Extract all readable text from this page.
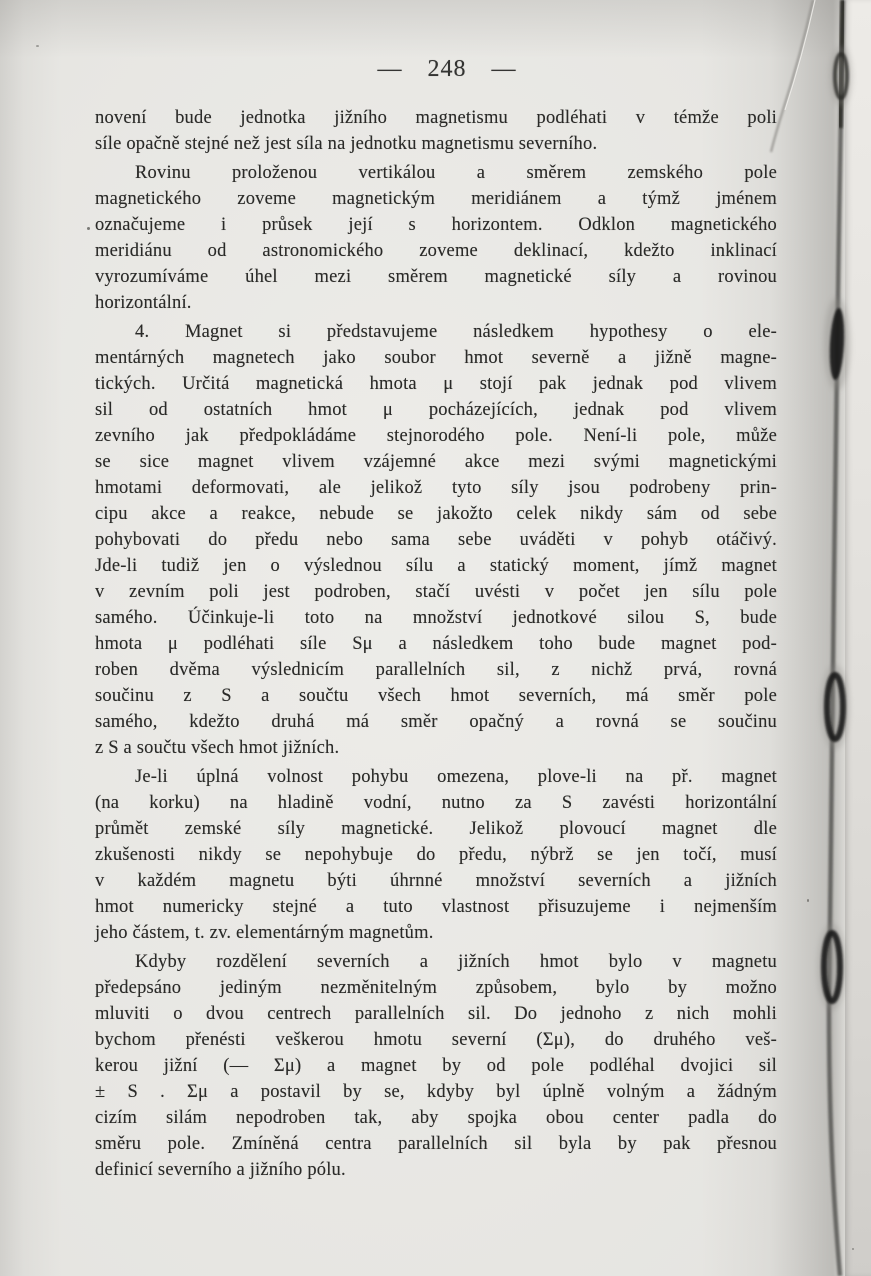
— 248 —
novení bude jednotka jižního magnetismu podléhati v témže poli
síle opačně stejné než jest síla na jednotku magnetismu severního.
Rovinu proloženou vertikálou a směrem zemského pole
magnetického zoveme magnetickým meridiánem a týmž jménem
označujeme i průsek její s horizontem. Odklon magnetického
meridiánu od astronomického zoveme deklinací, kdežto inklinací
vyrozumíváme úhel mezi směrem magnetické síly a rovinou
horizontální.
4. Magnet si představujeme následkem hypothesy o ele-
mentárných magnetech jako soubor hmot severně a jižně magne-
tických. Určitá magnetická hmota μ stojí pak jednak pod vlivem
sil od ostatních hmot μ pocházejících, jednak pod vlivem
zevního jak předpokládáme stejnorodého pole. Není-li pole, může
se sice magnet vlivem vzájemné akce mezi svými magnetickými
hmotami deformovati, ale jelikož tyto síly jsou podrobeny prin-
cipu akce a reakce, nebude se jakožto celek nikdy sám od sebe
pohybovati do předu nebo sama sebe uváděti v pohyb otáčivý.
Jde-li tudiž jen o výslednou sílu a statický moment, jímž magnet
v zevním poli jest podroben, stačí uvésti v počet jen sílu pole
samého. Účinkuje-li toto na množství jednotkové silou S, bude
hmota μ podléhati síle Sμ a následkem toho bude magnet pod-
roben dvěma výslednicím parallelních sil, z nichž prvá, rovná
součinu z S a součtu všech hmot severních, má směr pole
samého, kdežto druhá má směr opačný a rovná se součinu
z S a součtu všech hmot jižních.
Je-li úplná volnost pohybu omezena, plove-li na př. magnet
(na korku) na hladině vodní, nutno za S zavésti horizontální
průmět zemské síly magnetické. Jelikož plovoucí magnet dle
zkušenosti nikdy se nepohybuje do předu, nýbrž se jen točí, musí
v každém magnetu býti úhrnné množství severních a jižních
hmot numericky stejné a tuto vlastnost přisuzujeme i nejmenším
jeho částem, t. zv. elementárným magnetům.
Kdyby rozdělení severních a jižních hmot bylo v magnetu
předepsáno jediným nezměnitelným způsobem, bylo by možno
mluviti o dvou centrech parallelních sil. Do jednoho z nich mohli
bychom přenésti veškerou hmotu severní (Σμ), do druhého veš-
kerou jižní (— Σμ) a magnet by od pole podléhal dvojici sil
± S . Σμ a postavil by se, kdyby byl úplně volným a žádným
cizím silám nepodroben tak, aby spojka obou center padla do
směru pole. Zmíněná centra parallelních sil byla by pak přesnou
definicí severního a jižního pólu.
